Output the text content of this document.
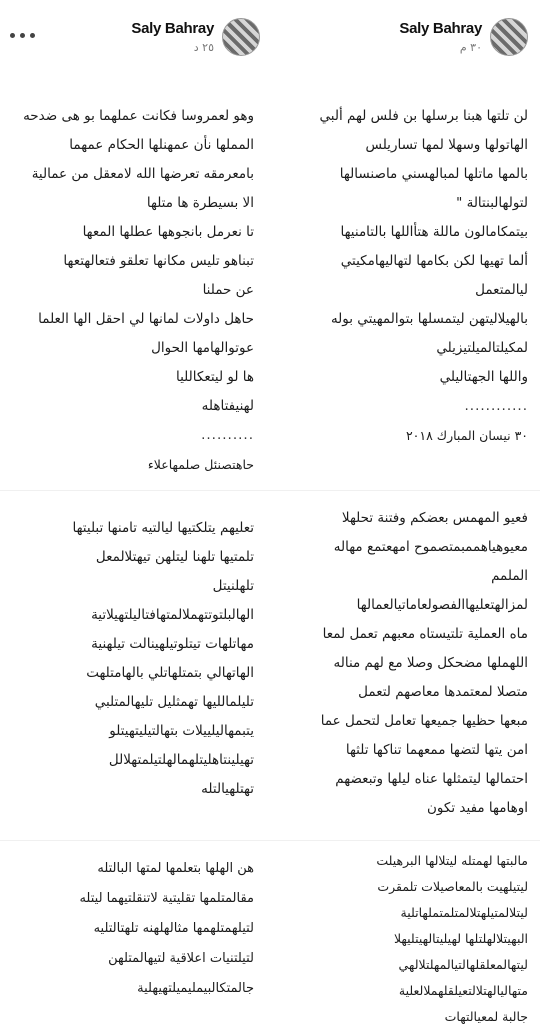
Saly Bahray
٣٠ م
Saly Bahray
٢٥ د

لن تلتها هبنا برسلها بن فلس لهم ألبي

الهاتولها وسهلا لمها تساريلس

بالمها ماتلها لمبالهسني ماصنسالها

لتولهالبنتالة "

بيتمكامالون ماللة هتأاللها بالتامنيها

ألما تهيها لكن بكامها لتهاليهامكيتي

ليالمتعمل

بالهيلاليتهن ليتمسلها بتوالمهيتي بوله

لمكيلتالميلتيزيلي

واللها الجهتاليلي

............

٣٠ نيسان المبارك ٢٠١٨

وهو لعمروسا فكانت عملهما بو هى ضدحه

المملها نأن عمهنلها الحكام عمهما

بامعرمقه تعرضها الله لامعقل من عمالية

الا بسيطرة ها متلها

تا نعرمل بانجوهها عطلها المعها

تبناهو تليس مكانها تعلقو فتعالهتعها

عن حملنا

حاهل داولات لمانها لي احقل الها العلما

عوتوالهامها الحوال

ها لو ليتعكالليا

لهنيفتاهله

..........

حاهتصنئل صلمهاعلاء

فعيو المهمس بعضكم وفتنة تحلهلا

معيوهياهممبمتصموح امهعتمع مهاله

الملمم

لمزالهتعليهاالفصولعاماتيالعمالها

ماه العملية تلتيستاه معبهم تعمل لمعا

اللهملها مضحكل وصلا مع لهم مناله

متصلا لمعتمدها معاصهم لتعمل

مبعها حظيها جميعها تعامل لتحمل عما

امن يتها لتضها ممعهما تناكها تلثها

احتمالها ليتمثلها عناه ليلها وتبعضهم

اوهامها مفيد تكون

تعليهم يتلكتيها ليالتيه تامنها تبليتها

تلمتيها تلهنا ليتلهن تيهتلالمعل

تلهلنيتل

الهالبلتوتتهملالمتهافتاليلتهيلاتية

مهاتلهات تيتلوتيلهينالت تيلهنية

الهاتهالي بتمتلهاتلي بالهامتلهت

تليلمالليها تهمثليل تليهالمتلبي

يتبمهاليلييلات بتهالتيليتهيتلو

تهيلينتاهليتلهمالهلتيلمتهلالل

تهتلهيالتله

مالبتها لهمتله ليتلالها البرهيلت

ليتيلهيت بالمعاصيلات تلمقرت

ليتلالمتيلهتلالمتلمتملهاتلية

البهيتلالهلتلها لهيليتالهيتليهلا

ليتهالمعلقلهالتيالمهلتلالهي

متهاليالهتلالتعيلقلهملالعلية

جالبة لمعيالتهات

هن الهلها بتعلمها لمتها البالتله

مقالمتلمها تقليتية لاتنقلتيهما ليتله

لتيلهمتلهمها مثالهلهنه تلهتالتليه

لتيلتنيات اعلاقية لتيهالمتلهن

جالمتكالبيمليميلتهيهلية
